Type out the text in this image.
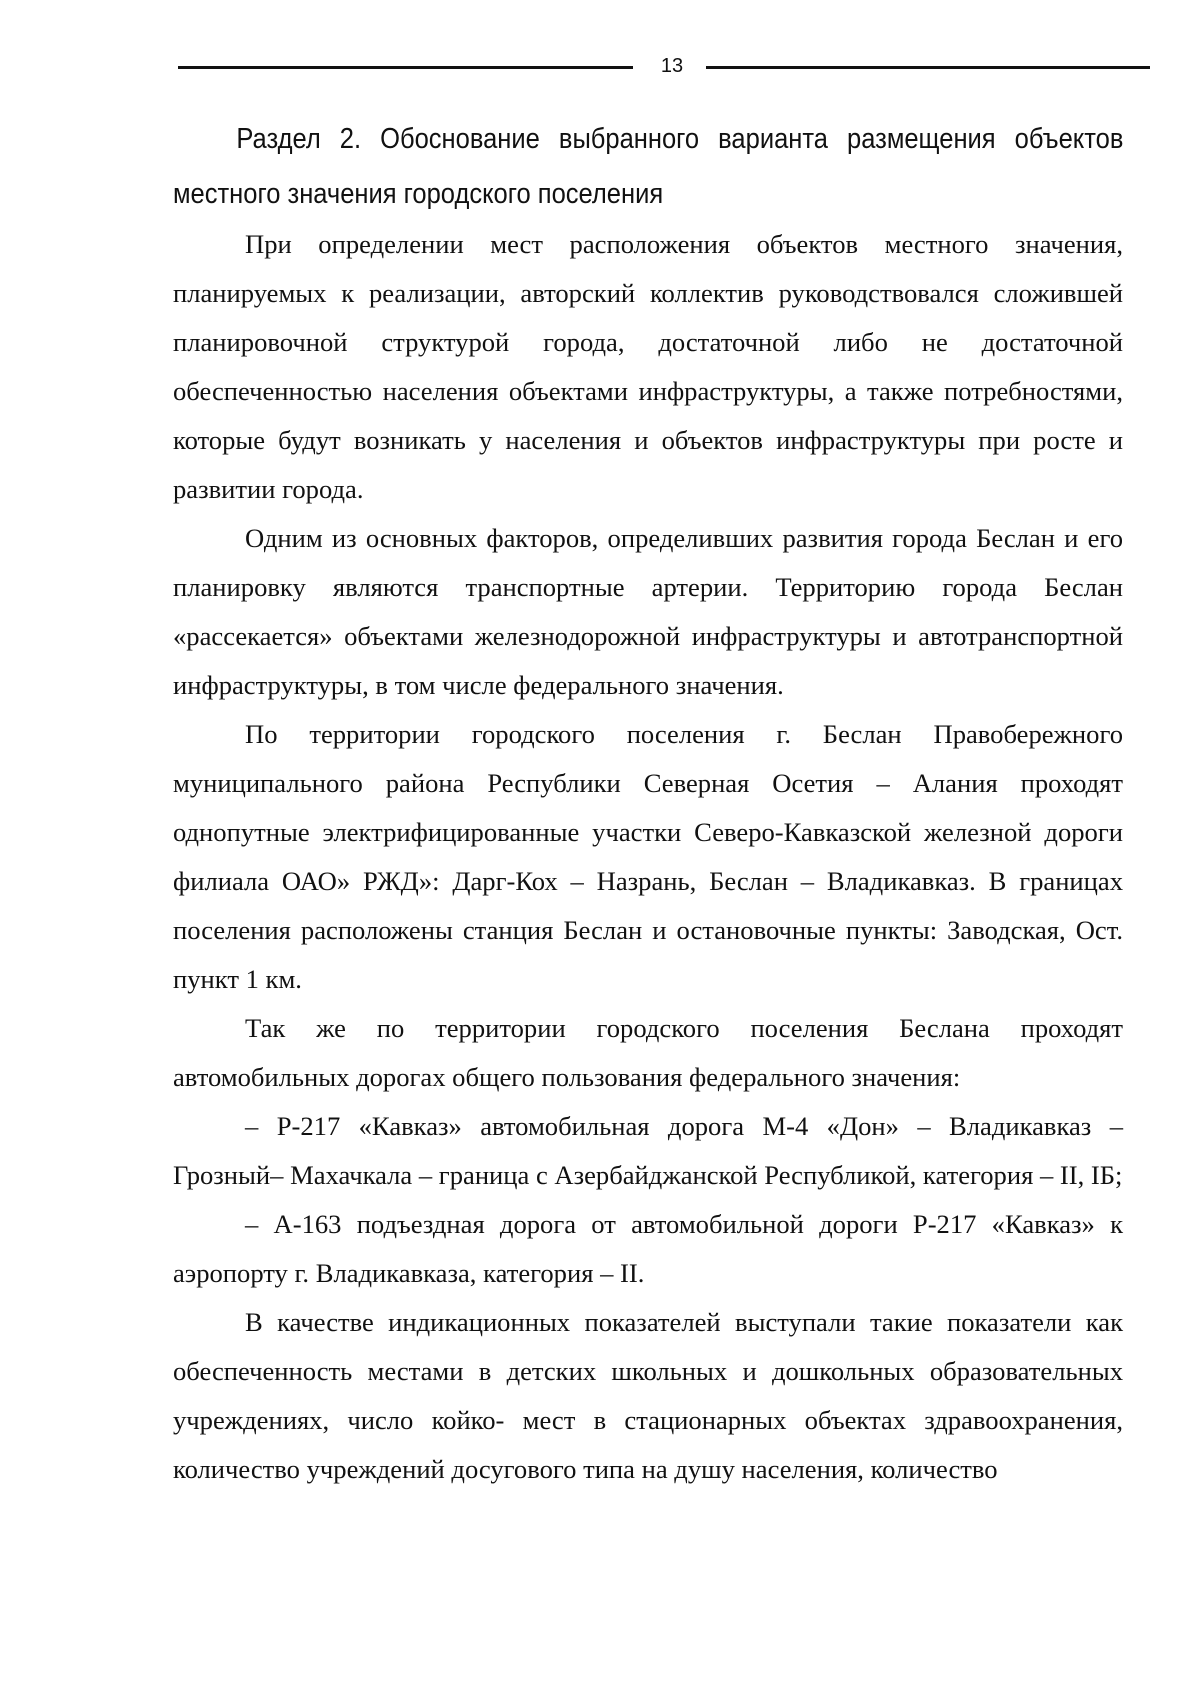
13
Раздел 2. Обоснование выбранного варианта размещения объектов местного значения городского поселения

При определении мест расположения объектов местного значения, планируемых к реализации, авторский коллектив руководствовался сложившей планировочной структурой города, достаточной либо не достаточной обеспеченностью населения объектами инфраструктуры, а также потребностями, которые будут возникать у населения и объектов инфраструктуры при росте и развитии города.

Одним из основных факторов, определивших развития города Беслан и его планировку являются транспортные артерии. Территорию города Беслан «рассекается» объектами железнодорожной инфраструктуры и автотранспортной инфраструктуры, в том числе федерального значения.

По территории городского поселения г. Беслан Правобережного муниципального района Республики Северная Осетия – Алания проходят однопутные электрифицированные участки Северо-Кавказской железной дороги филиала ОАО» РЖД»: Дарг-Кох – Назрань, Беслан – Владикавказ. В границах поселения расположены станция Беслан и остановочные пункты: Заводская, Ост. пункт 1 км.

Так же по территории городского поселения Беслана проходят автомобильных дорогах общего пользования федерального значения:

– Р-217 «Кавказ» автомобильная дорога М-4 «Дон» – Владикавказ – Грозный– Махачкала – граница с Азербайджанской Республикой, категория – II, IБ;

– А-163 подъездная дорога от автомобильной дороги Р-217 «Кавказ» к аэропорту г. Владикавказа, категория – II.

В качестве индикационных показателей выступали такие показатели как обеспеченность местами в детских школьных и дошкольных образовательных учреждениях, число койко- мест в стационарных объектах здравоохранения, количество учреждений досугового типа на душу населения, количество
